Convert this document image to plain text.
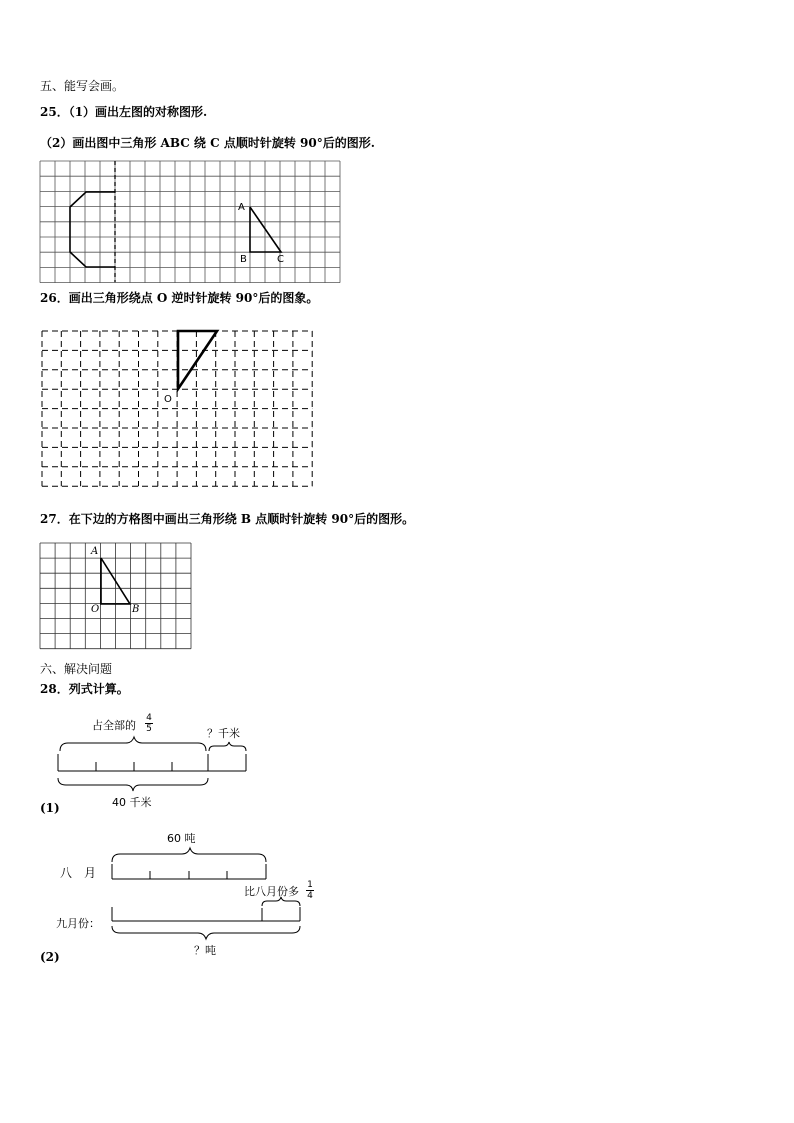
五、能写会画。
25．（1）画出左图的对称图形.
（2）画出图中三角形 ABC 绕 C 点顺时针旋转 90°后的图形.
A
B	C
26．画出三角形绕点 O 逆时针旋转 90°后的图象。
O
27．在下边的方格图中画出三角形绕 B 点顺时针旋转 90°后的图形。
A
O	B
六、解决问题
28．列式计算。
占全部的 $\frac{4}{5}$	？千米
40 千米
(1)
60 吨
八　月
比八月份多 $\frac{1}{4}$
九月份：
？吨
(2)
